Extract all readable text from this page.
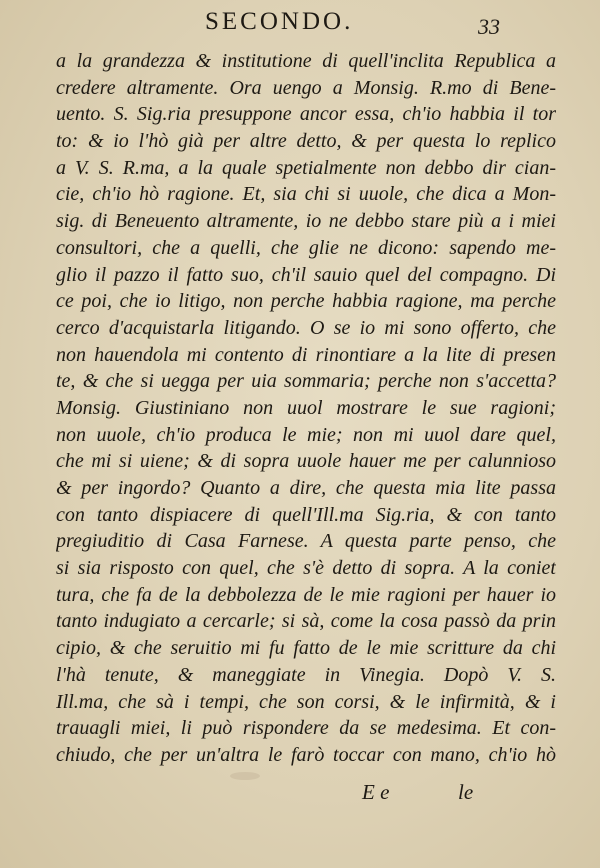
SECONDO.	33
a la grandezza & institutione di quell'inclita Republica a
credere altramente. Ora uengo a Monsig. R.mo di Bene-
uento. S. Sig.ria presuppone ancor essa, ch'io habbia il tor
to: & io l'hò già per altre detto, & per questa lo replico
a V. S. R.ma, a la quale spetialmente non debbo dir cian-
cie, ch'io hò ragione. Et, sia chi si uuole, che dica a Mon-
sig. di Beneuento altramente, io ne debbo stare più a i miei
consultori, che a quelli, che glie ne dicono: sapendo me-
glio il pazzo il fatto suo, ch'il sauio quel del compagno. Di
ce poi, che io litigo, non perche habbia ragione, ma perche
cerco d'acquistarla litigando. O se io mi sono offerto, che
non hauendola mi contento di rinontiare a la lite di presen
te, & che si uegga per uia sommaria; perche non s'accetta?
Monsig. Giustiniano non uuol mostrare le sue ragioni;
non uuole, ch'io produca le mie; non mi uuol dare quel,
che mi si uiene; & di sopra uuole hauer me per calunnioso
& per ingordo? Quanto a dire, che questa mia lite passa
con tanto dispiacere di quell'Ill.ma Sig.ria, & con tanto
pregiuditio di Casa Farnese. A questa parte penso, che
si sia risposto con quel, che s'è detto di sopra. A la coniet
tura, che fa de la debbolezza de le mie ragioni per hauer io
tanto indugiato a cercarle; si sà, come la cosa passò da prin
cipio, & che seruitio mi fu fatto de le mie scritture da chi
l'hà tenute, & maneggiate in Vinegia. Dopò V. S.
Ill.ma, che sà i tempi, che son corsi, & le infirmità, & i
trauagli miei, li può rispondere da se medesima. Et con-
chiudo, che per un'altra le farò toccar con mano, ch'io hò
E e	le
